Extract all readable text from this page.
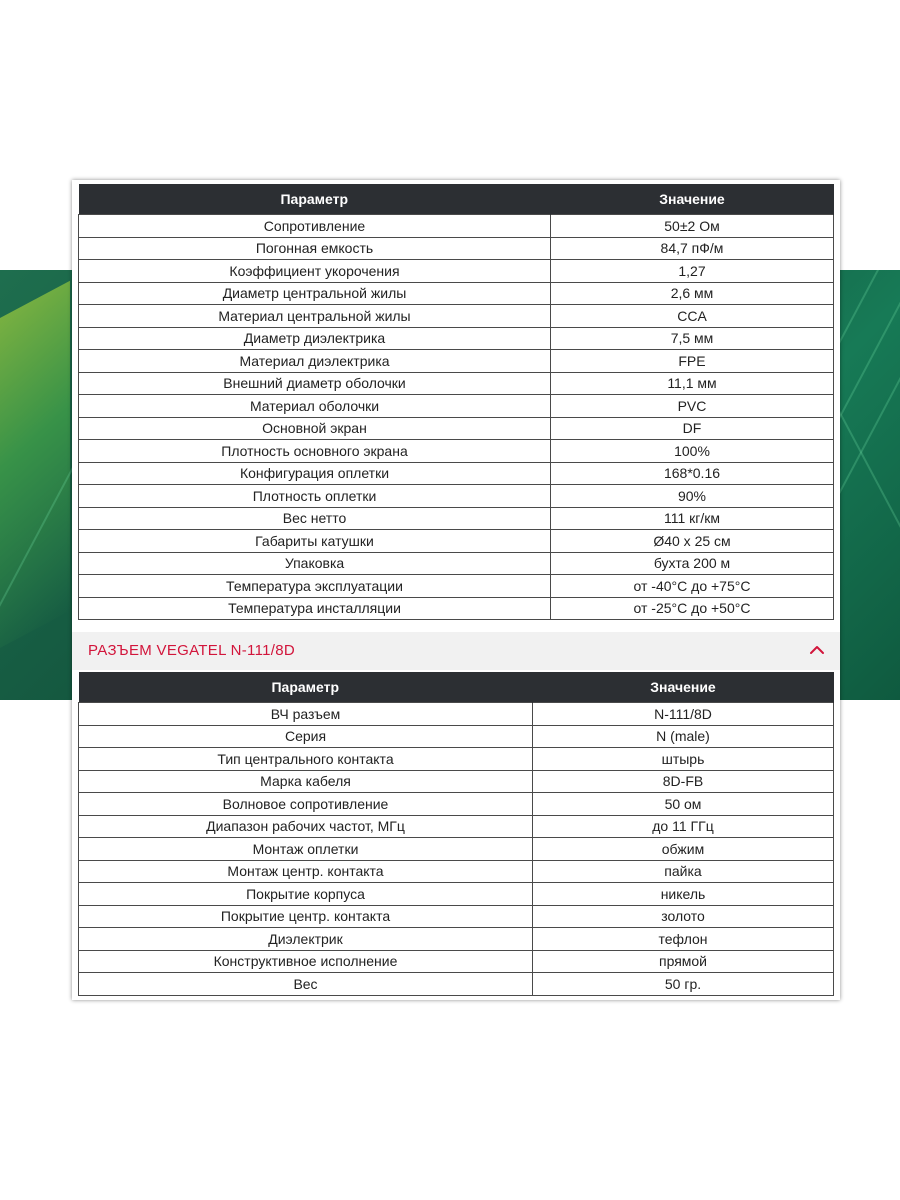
Параметр	Значение
Сопротивление	50±2 Ом
Погонная емкость	84,7 пФ/м
Коэффициент укорочения	1,27
Диаметр центральной жилы	2,6 мм
Материал центральной жилы	CCA
Диаметр диэлектрика	7,5 мм
Материал диэлектрика	FPE
Внешний диаметр оболочки	11,1 мм
Материал оболочки	PVC
Основной экран	DF
Плотность основного экрана	100%
Конфигурация оплетки	168*0.16
Плотность оплетки	90%
Вес нетто	111 кг/км
Габариты катушки	Ø40 x 25 см
Упаковка	бухта 200 м
Температура эксплуатации	от -40°C до +75°C
Температура инсталляции	от -25°C до +50°C
РАЗЪЕМ VEGATEL N-111/8D
Параметр	Значение
ВЧ разъем	N-111/8D
Серия	N (male)
Тип центрального контакта	штырь
Марка кабеля	8D-FB
Волновое сопротивление	50 ом
Диапазон рабочих частот, МГц	до 11 ГГц
Монтаж оплетки	обжим
Монтаж центр. контакта	пайка
Покрытие корпуса	никель
Покрытие центр. контакта	золото
Диэлектрик	тефлон
Конструктивное исполнение	прямой
Вес	50 гр.
